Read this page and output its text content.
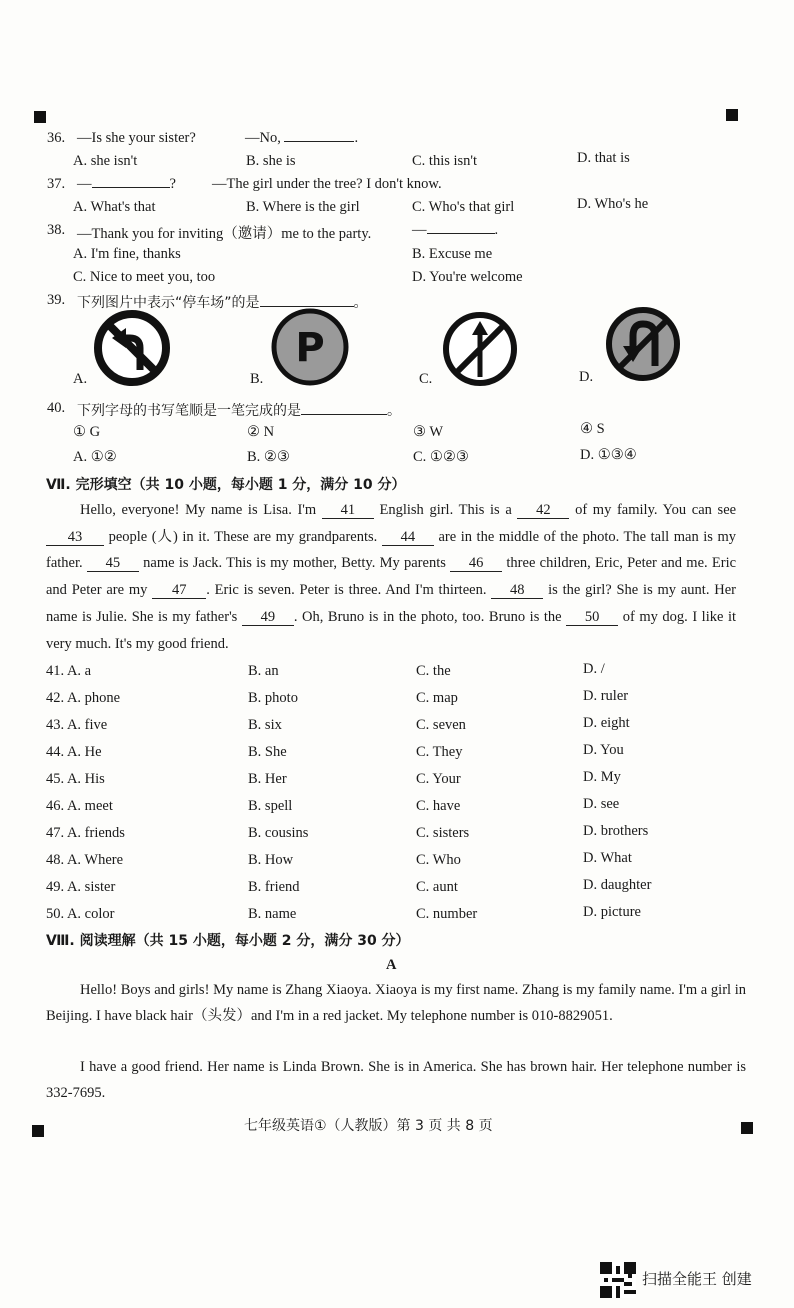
36. —Is she your sister?	—No,	.
A. she isn't	B. she is	C. this isn't	D. that is
37. —	? —The girl under the tree? I don't know.
A. What's that	B. Where is the girl	C. Who's that girl	D. Who's he
38. —Thank you for inviting（邀请）me to the party.	—	.
A. I'm fine, thanks	B. Excuse me
C. Nice to meet you, too	D. You're welcome
39. 下列图片中表示“停车场”的是	。
P
A.	B.	C.	D.
40. 下列字母的书写笔顺是一笔完成的是	。
① G	② N	③ W	④ S
A. ①②	B. ②③	C. ①②③	D. ①③④
Ⅶ. 完形填空（共 10 小题，每小题 1 分，满分 10 分）
Hello, everyone! My name is Lisa. I'm 41 English girl. This is a 42 of my family. You can see 43 people (人) in it. These are my grandparents. 44 are in the middle of the photo. The tall man is my father. 45 name is Jack. This is my mother, Betty. My parents 46 three children, Eric, Peter and me. Eric and Peter are my 47 . Eric is seven. Peter is three. And I'm thirteen. 48 is the girl? She is my aunt. Her name is Julie. She is my father's 49 . Oh, Bruno is in the photo, too. Bruno is the 50 of my dog. I like it very much. It's my good friend.
41. A. a	B. an	C. the	D. /
42. A. phone	B. photo	C. map	D. ruler
43. A. five	B. six	C. seven	D. eight
44. A. He	B. She	C. They	D. You
45. A. His	B. Her	C. Your	D. My
46. A. meet	B. spell	C. have	D. see
47. A. friends	B. cousins	C. sisters	D. brothers
48. A. Where	B. How	C. Who	D. What
49. A. sister	B. friend	C. aunt	D. daughter
50. A. color	B. name	C. number	D. picture
Ⅷ. 阅读理解（共 15 小题，每小题 2 分，满分 30 分）
A
Hello! Boys and girls! My name is Zhang Xiaoya. Xiaoya is my first name. Zhang is my family name. I'm a girl in Beijing. I have black hair（头发）and I'm in a red jacket. My telephone number is 010-8829051.
I have a good friend. Her name is Linda Brown. She is in America. She has brown hair. Her telephone number is 332-7695.
七年级英语①（人教版）第 3 页 共 8 页
扫描全能王 创建
